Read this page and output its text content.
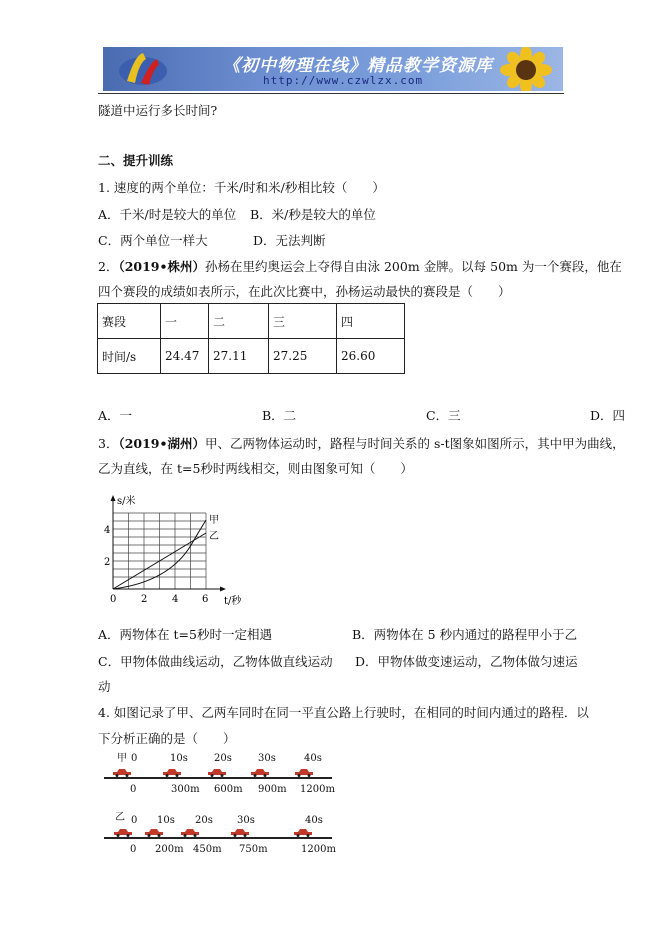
《初中物理在线》精品教学资源库
http://www.czwlzx.com
隧道中运行多长时间?
二、提升训练
1. 速度的两个单位：千米/时和米/秒相比较（　　）
A．千米/时是较大的单位 B．米/秒是较大的单位
C．两个单位一样大	D．无法判断
2．（2019•株州）孙杨在里约奥运会上夺得自由泳 200m 金牌。以每 50m 为一个赛段，他在
四个赛段的成绩如表所示，在此次比赛中，孙杨运动最快的赛段是（　　）
赛段	一	二	三	四
时间/s	24.47	27.11	27.25	26.60
A．一	B．二	C．三	D．四
3．（2019•湖州）甲、乙两物体运动时，路程与时间关系的 s-t图象如图所示，其中甲为曲线，
乙为直线，在 t=5秒时两线相交，则由图象可知（　　）
s/米
t/秒
4
2
0 2 4 6
甲
乙
A．两物体在 t=5秒时一定相遇	B．两物体在 5 秒内通过的路程甲小于乙
C．甲物体做曲线运动，乙物体做直线运动 D．甲物体做变速运动，乙物体做匀速运
动
4. 如图记录了甲、乙两车同时在同一平直公路上行驶时，在相同的时间内通过的路程．以
下分析正确的是（　　）
甲 0	10s	20s	30s	40s
0	300m 600m 900m 1200m
乙 0 10s 20s 30s	40s
0 200m 450m 750m	1200m
